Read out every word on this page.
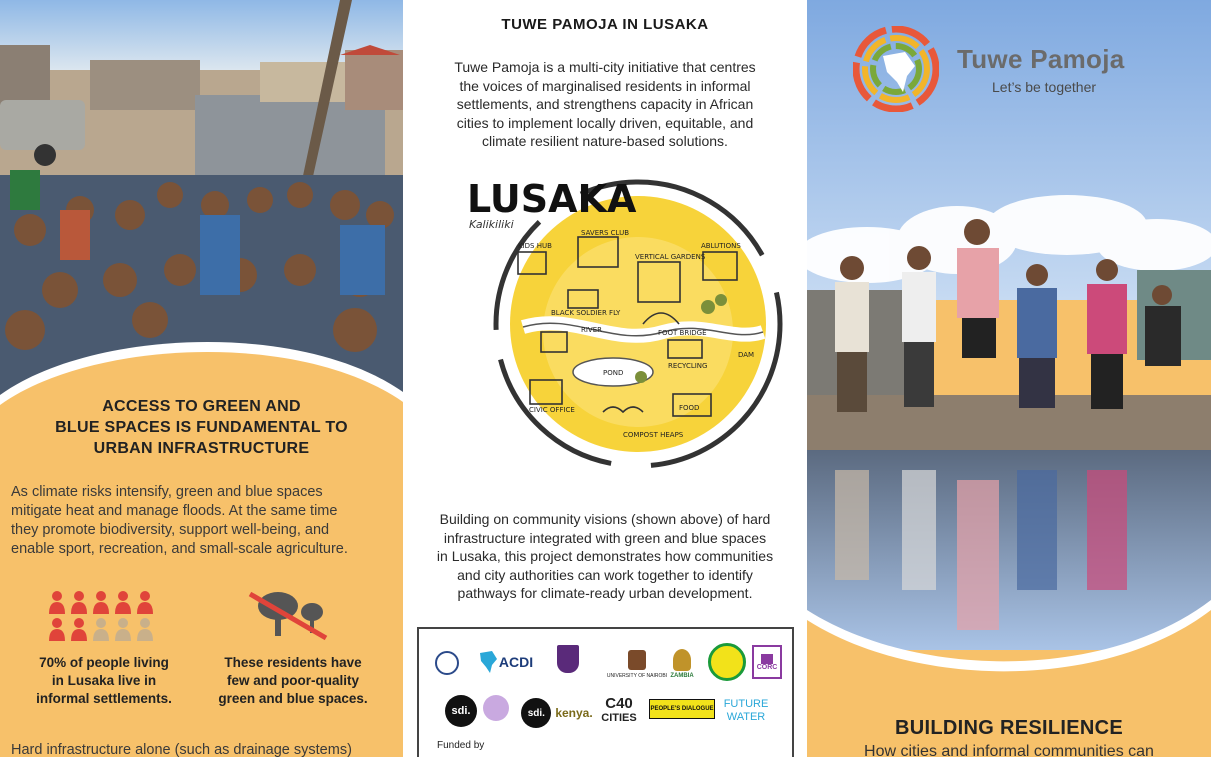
ACCESS TO GREEN AND
BLUE SPACES IS FUNDAMENTAL TO
URBAN INFRASTRUCTURE
As climate risks intensify, green and blue spaces
mitigate heat and manage floods. At the same time
they promote biodiversity, support well-being, and
enable sport, recreation, and small-scale agriculture.
70% of people living
in Lusaka live in
informal settlements.
These residents have
few and poor-quality
green and blue spaces.
Hard infrastructure alone (such as drainage systems)
TUWE PAMOJA IN LUSAKA
Tuwe Pamoja is a multi-city initiative that centres
the voices of marginalised residents in informal
settlements, and strengthens capacity in African
cities to implement locally driven, equitable, and
climate resilient nature-based solutions.
LUSAKA
Kalikiliki
KIDS HUB
SAVERS CLUB
ABLUTIONS
VERTICAL GARDENS
BLACK SOLDIER FLY
RIVER	FOOT BRIDGE
DAM
POND
RECYCLING
CIVIC OFFICE	FOOD
COMPOST HEAPS
Building on community visions (shown above) of hard
infrastructure integrated with green and blue spaces
in Lusaka, this project demonstrates how communities
and city authorities can work together to identify
pathways for climate-ready urban development.
ACDI
UNIVERSITY OF NAIROBI ZAMBIA
CORC
sdi.	sdi. kenya.
C40
CITIES
PEOPLE'S DIALOGUE FUTURE
WATER
Funded by
Tuwe Pamoja
Let’s be together
BUILDING RESILIENCE
How cities and informal communities can
